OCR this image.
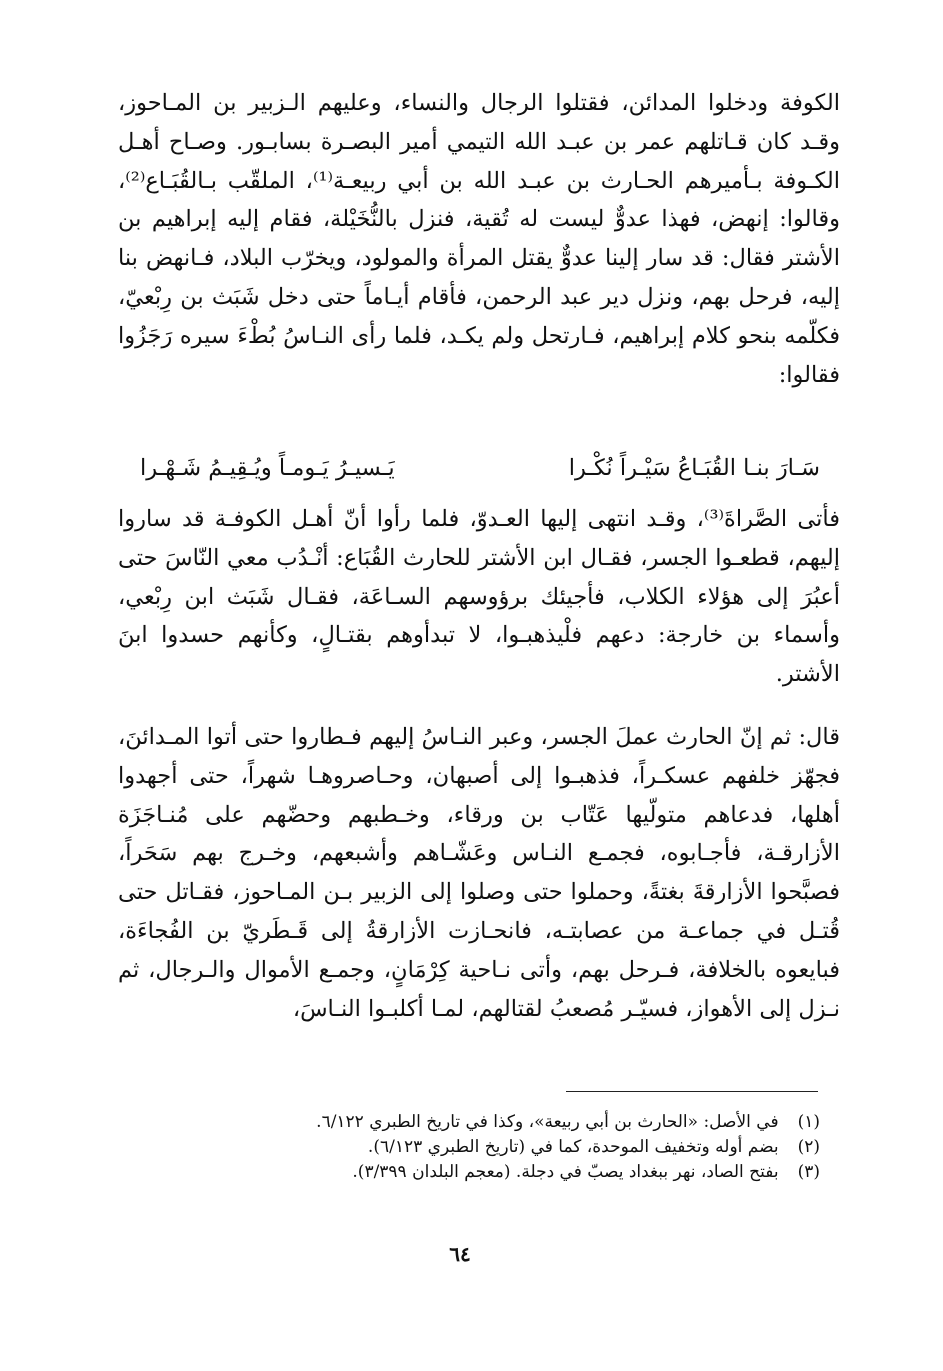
الكوفة ودخلوا المدائن، فقتلوا الرجال والنساء، وعليهم الـزبير بن المـاحوز، وقـد كان قـاتلهم عمر بن عبـد الله التيمي أمير البصـرة بسابـور. وصـاح أهـل الكـوفة بـأميرهم الحـارث بن عبـد الله بن أبي ربيعـة⁽¹⁾، الملقّب بـالقُبَـاع⁽²⁾، وقالوا: إنهض، فهذا عدوٌّ ليست له تُقية، فنزل بالنُّخَيْلة، فقام إليه إبراهيم بن الأشتر فقال: قد سار إلينا عدوٌّ يقتل المرأة والمولود، ويخرّب البلاد، فـانهض بنا إليه، فرحل بهم، ونزل دير عبد الرحمن، فأقام أيـاماً حتى دخل شَبَث بن رِبْعيّ، فكلّمه بنحو كلام إبراهيم، فـارتحل ولم يكـد، فلما رأى النـاسُ بُطْءَ سيره رَجَزُوا فقالوا:

سَـارَ بنـا القُبَـاعُ سَيْـراً نُكْـرا
يَـسيـرُ يَـومـاً ويُـقِيـمُ شَـهْـرا

فأتى الصَّراةَ⁽³⁾، وقـد انتهى إليها العـدوّ، فلما رأوا أنّ أهـل الكوفـة قد ساروا إليهم، قطعـوا الجسر، فقـال ابن الأشتر للحارث القُبَاع: أنْـدُب معي النّاسَ حتى أعبُرَ إلى هؤلاء الكلاب، فأجيئك برؤوسهم السـاعَة، فقـال شَبَث ابن رِبْعي، وأسماء بن خارجة: دعهم فلْيذهبـوا، لا تبدأوهم بقتـالٍ، وكأنهم حسدوا ابنَ الأشتر.

قال: ثم إنّ الحارث عملَ الجسر، وعبر النـاسُ إليهم فـطاروا حتى أتوا المـدائنَ، فجهّز خلفهم عسكـراً، فذهبـوا إلى أصبهان، وحـاصروهـا شهراً، حتى أجهدوا أهلها، فدعاهم متولّيها عَتّاب بن ورقاء، وخـطبهم وحضّهم على مُنـاجَزَة الأزارقـة، فأجـابوه، فجمـع النـاس وعَشّـاهم وأشبعهم، وخـرج بهم سَحَراً، فصبَّحوا الأزارقةَ بغتةً، وحملوا حتى وصلوا إلى الزبير بـن المـاحوز، فقـاتل حتى قُتـل في جماعـة من عصابتـه، فانحـازت الأزارقةُ إلى قَـطَريّ بن الفُجاءَة، فبايعوه بالخلافة، فـرحل بهم، وأتى نـاحية كِرْمَانٍ، وجمـع الأموال والـرجال، ثم نـزل إلى الأهواز، فسيّـر مُصعبُ لقتالهم، لمـا أكلبـوا النـاسَ،

(١) في الأصل: «الحارث بن أبي ربيعة»، وكذا في تاريخ الطبري ٦/١٢٢.
(٢) بضم أوله وتخفيف الموحدة، كما في (تاريخ الطبري ٦/١٢٣).
(٣) بفتح الصاد، نهر ببغداد يصبّ في دجلة. (معجم البلدان ٣/٣٩٩).
٦٤
